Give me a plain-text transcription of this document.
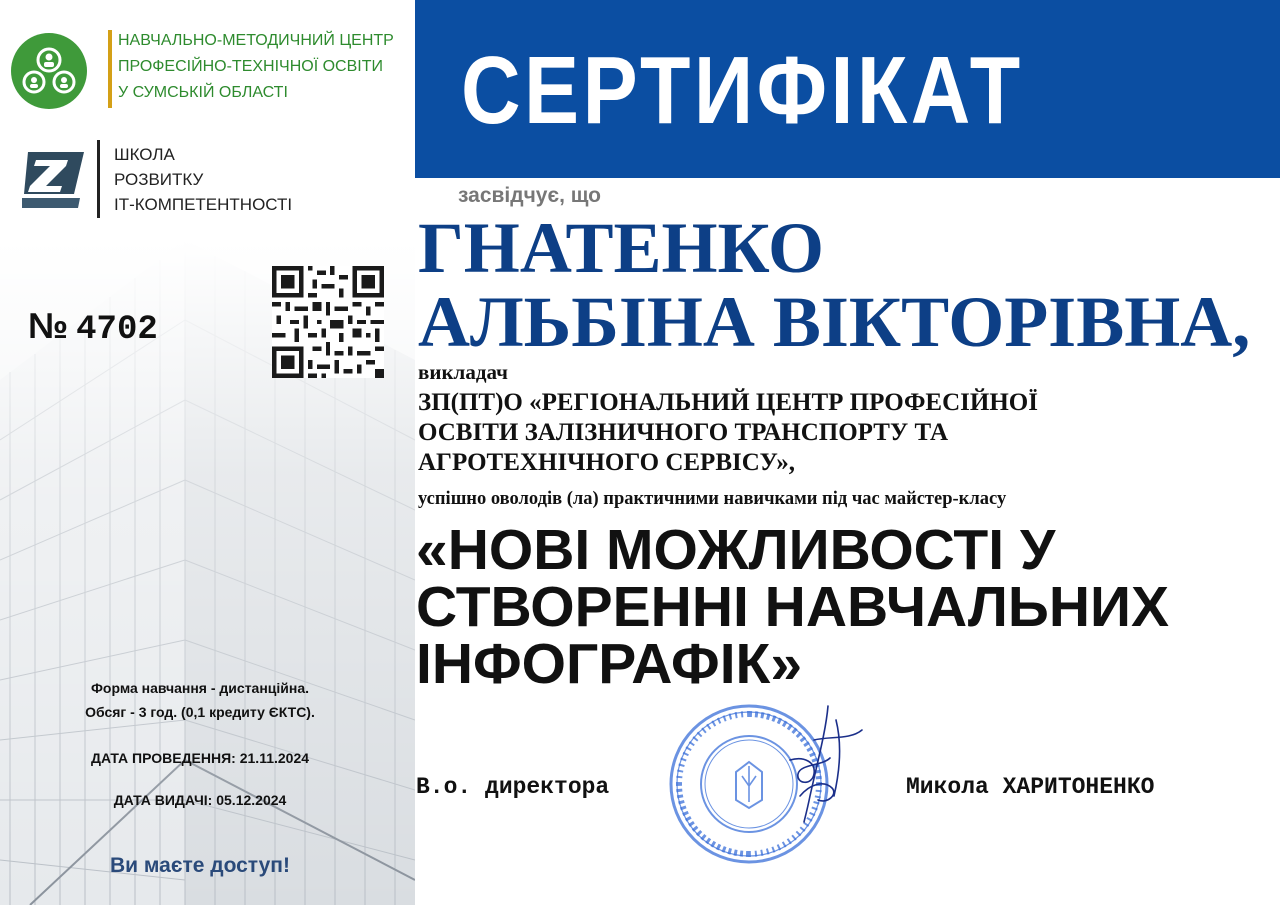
НАВЧАЛЬНО-МЕТОДИЧНИЙ ЦЕНТР
ПРОФЕСІЙНО-ТЕХНІЧНОЇ ОСВІТИ
У СУМСЬКІЙ ОБЛАСТІ
ШКОЛА
РОЗВИТКУ
ІТ-КОМПЕТЕНТНОСТІ
№ 4702
Форма навчання - дистанційна.
Обсяг - 3 год. (0,1 кредиту ЄКТС).
ДАТА ПРОВЕДЕННЯ: 21.11.2024
ДАТА ВИДАЧІ: 05.12.2024
Ви маєте доступ!
СЕРТИФІКАТ
засвідчує, що
ГНАТЕНКО
АЛЬБІНА ВІКТОРІВНА,
викладач
ЗП(ПТ)О «РЕГІОНАЛЬНИЙ ЦЕНТР ПРОФЕСІЙНОЇ
ОСВІТИ ЗАЛІЗНИЧНОГО ТРАНСПОРТУ ТА
АГРОТЕХНІЧНОГО СЕРВІСУ»,
успішно оволодів (ла) практичними навичками під час майстер-класу
«НОВІ МОЖЛИВОСТІ У
СТВОРЕННІ НАВЧАЛЬНИХ
ІНФОГРАФІК»
В.о. директора	Микола ХАРИТОНЕНКО
